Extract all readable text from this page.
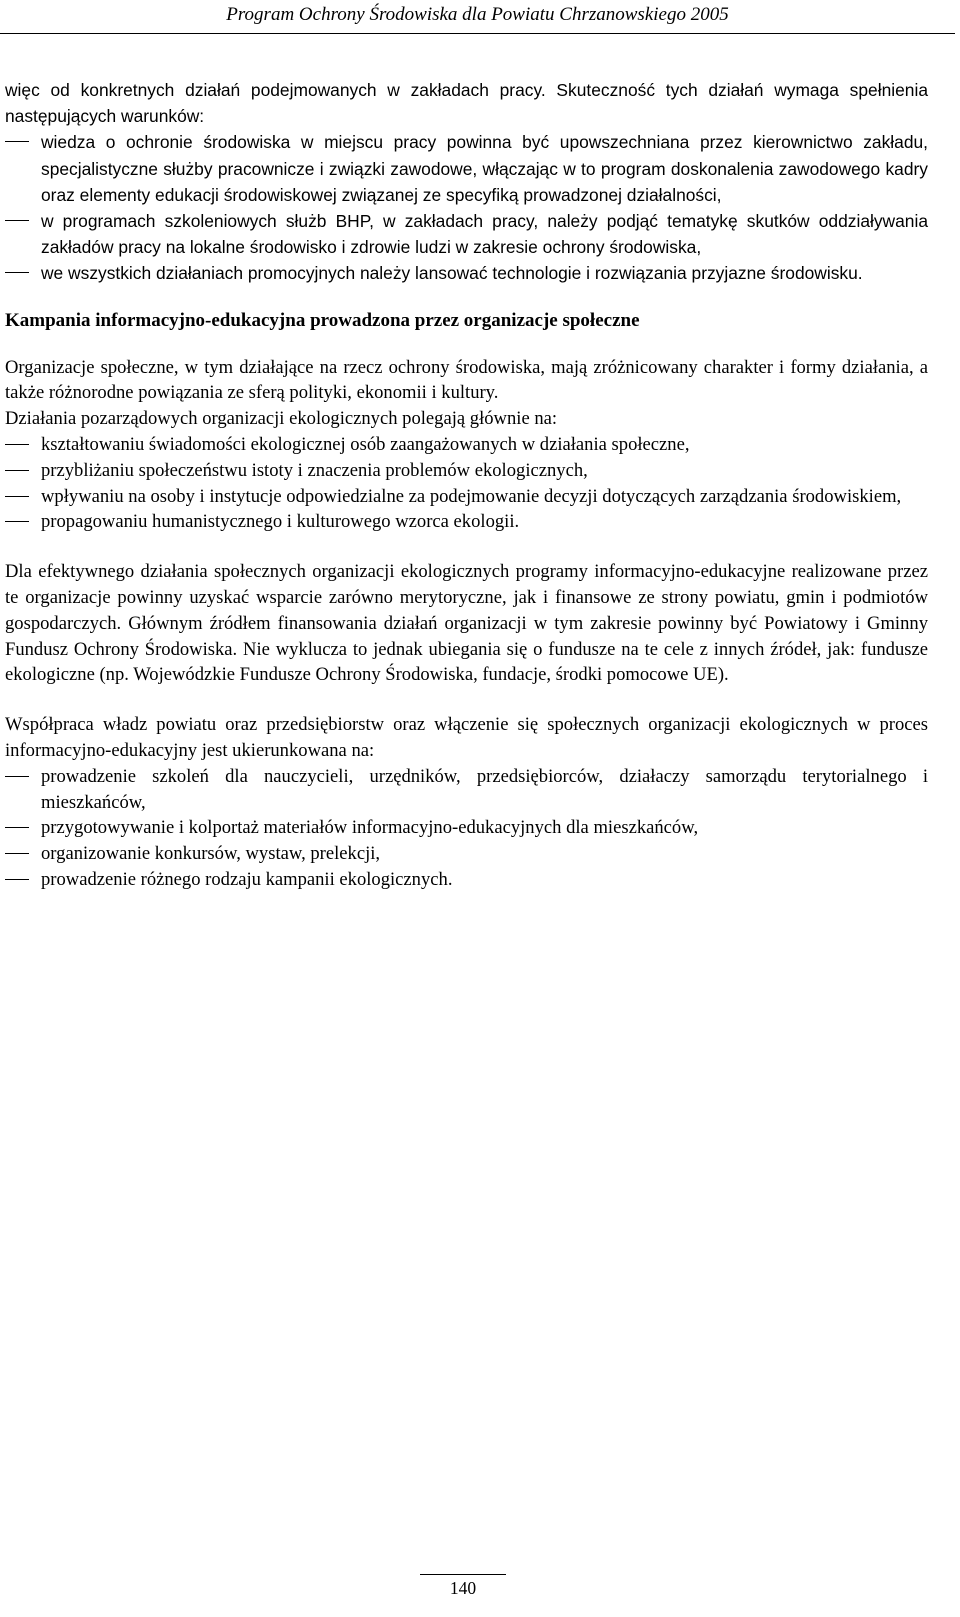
Program Ochrony Środowiska dla Powiatu Chrzanowskiego 2005

więc od konkretnych działań podejmowanych w zakładach pracy. Skuteczność tych działań wymaga spełnienia następujących warunków:

wiedza o ochronie środowiska w miejscu pracy powinna być upowszechniana przez kierownictwo zakładu, specjalistyczne służby pracownicze i związki zawodowe, włączając w to program doskonalenia zawodowego kadry oraz elementy edukacji środowiskowej związanej ze specyfiką prowadzonej działalności,
w programach szkoleniowych służb BHP, w zakładach pracy, należy podjąć tematykę skutków oddziaływania zakładów pracy na lokalne środowisko i zdrowie ludzi w zakresie ochrony środowiska,
we wszystkich działaniach promocyjnych należy lansować technologie i rozwiązania przyjazne środowisku.

Kampania informacyjno-edukacyjna prowadzona przez organizacje społeczne

Organizacje społeczne, w tym działające na rzecz ochrony środowiska, mają zróżnicowany charakter i formy działania, a także różnorodne powiązania ze sferą polityki, ekonomii i kultury.

Działania pozarządowych organizacji ekologicznych polegają głównie na:

kształtowaniu świadomości ekologicznej osób zaangażowanych w działania społeczne,
przybliżaniu społeczeństwu istoty i znaczenia problemów ekologicznych,
wpływaniu na osoby i instytucje odpowiedzialne za podejmowanie decyzji dotyczących zarządzania środowiskiem,
propagowaniu humanistycznego i kulturowego wzorca ekologii.

Dla efektywnego działania społecznych organizacji ekologicznych programy informacyjno-edukacyjne realizowane przez te organizacje powinny uzyskać wsparcie zarówno merytoryczne, jak i finansowe ze strony powiatu, gmin i podmiotów gospodarczych. Głównym źródłem finansowania działań organizacji w tym zakresie powinny być Powiatowy i Gminny Fundusz Ochrony Środowiska. Nie wyklucza to jednak ubiegania się o fundusze na te cele z innych źródeł, jak: fundusze ekologiczne (np. Wojewódzkie Fundusze Ochrony Środowiska, fundacje, środki pomocowe UE).

Współpraca władz powiatu oraz przedsiębiorstw oraz włączenie się społecznych organizacji ekologicznych w proces informacyjno-edukacyjny jest ukierunkowana na:

prowadzenie szkoleń dla nauczycieli, urzędników, przedsiębiorców, działaczy samorządu terytorialnego i mieszkańców,
przygotowywanie i kolportaż materiałów informacyjno-edukacyjnych dla mieszkańców,
organizowanie konkursów, wystaw, prelekcji,
prowadzenie różnego rodzaju kampanii ekologicznych.
140
